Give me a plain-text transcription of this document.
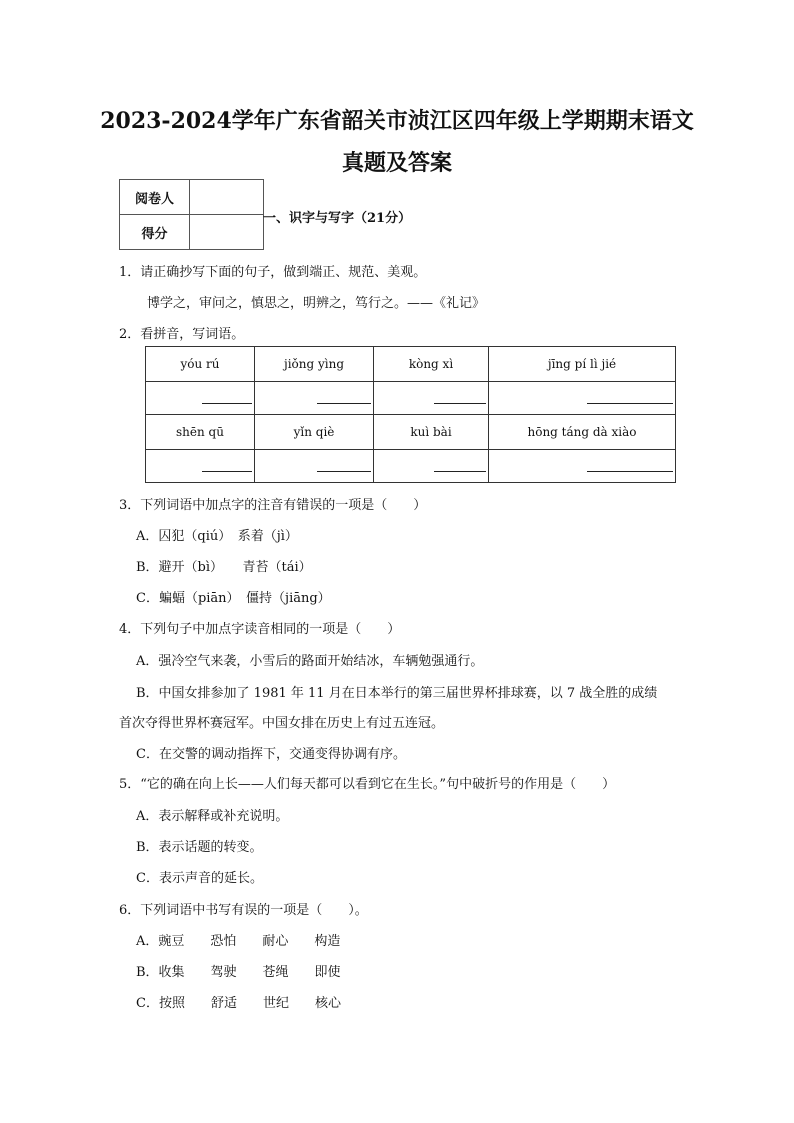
2023-2024学年广东省韶关市浈江区四年级上学期期末语文
真题及答案
阅卷人	
得分	
一、识字与写字（21分）
1．请正确抄写下面的句子，做到端正、规范、美观。
博学之，审问之，慎思之，明辨之，笃行之。——《礼记》
2．看拼音，写词语。
yóu rú	jiǒng yìng	kòng xì	jīng pí lì jié

shēn qū	yǐn qiè	kuì bài	hōng táng dà xiào

3．下列词语中加点字的注音有错误的一项是（　　）
A．囚犯（qiú）　系着（jì）
B．避开（bì）　　青苔（tái）
C．蝙蝠（piān）　僵持（jiāng）
4．下列句子中加点字读音相同的一项是（　　）
A．强冷空气来袭，小雪后的路面开始结冰，车辆勉强通行。
B．中国女排参加了 1981 年 11 月在日本举行的第三届世界杯排球赛，以 7 战全胜的成绩
首次夺得世界杯赛冠军。中国女排在历史上有过五连冠。
C．在交警的调动指挥下，交通变得协调有序。
5．“它的确在向上长——人们每天都可以看到它在生长。”句中破折号的作用是（　　）
A．表示解释或补充说明。
B．表示话题的转变。
C．表示声音的延长。
6．下列词语中书写有误的一项是（　　）。
A．豌豆　　恐怕　　耐心　　构造
B．收集　　驾驶　　苍绳　　即使
C．按照　　舒适　　世纪　　核心
